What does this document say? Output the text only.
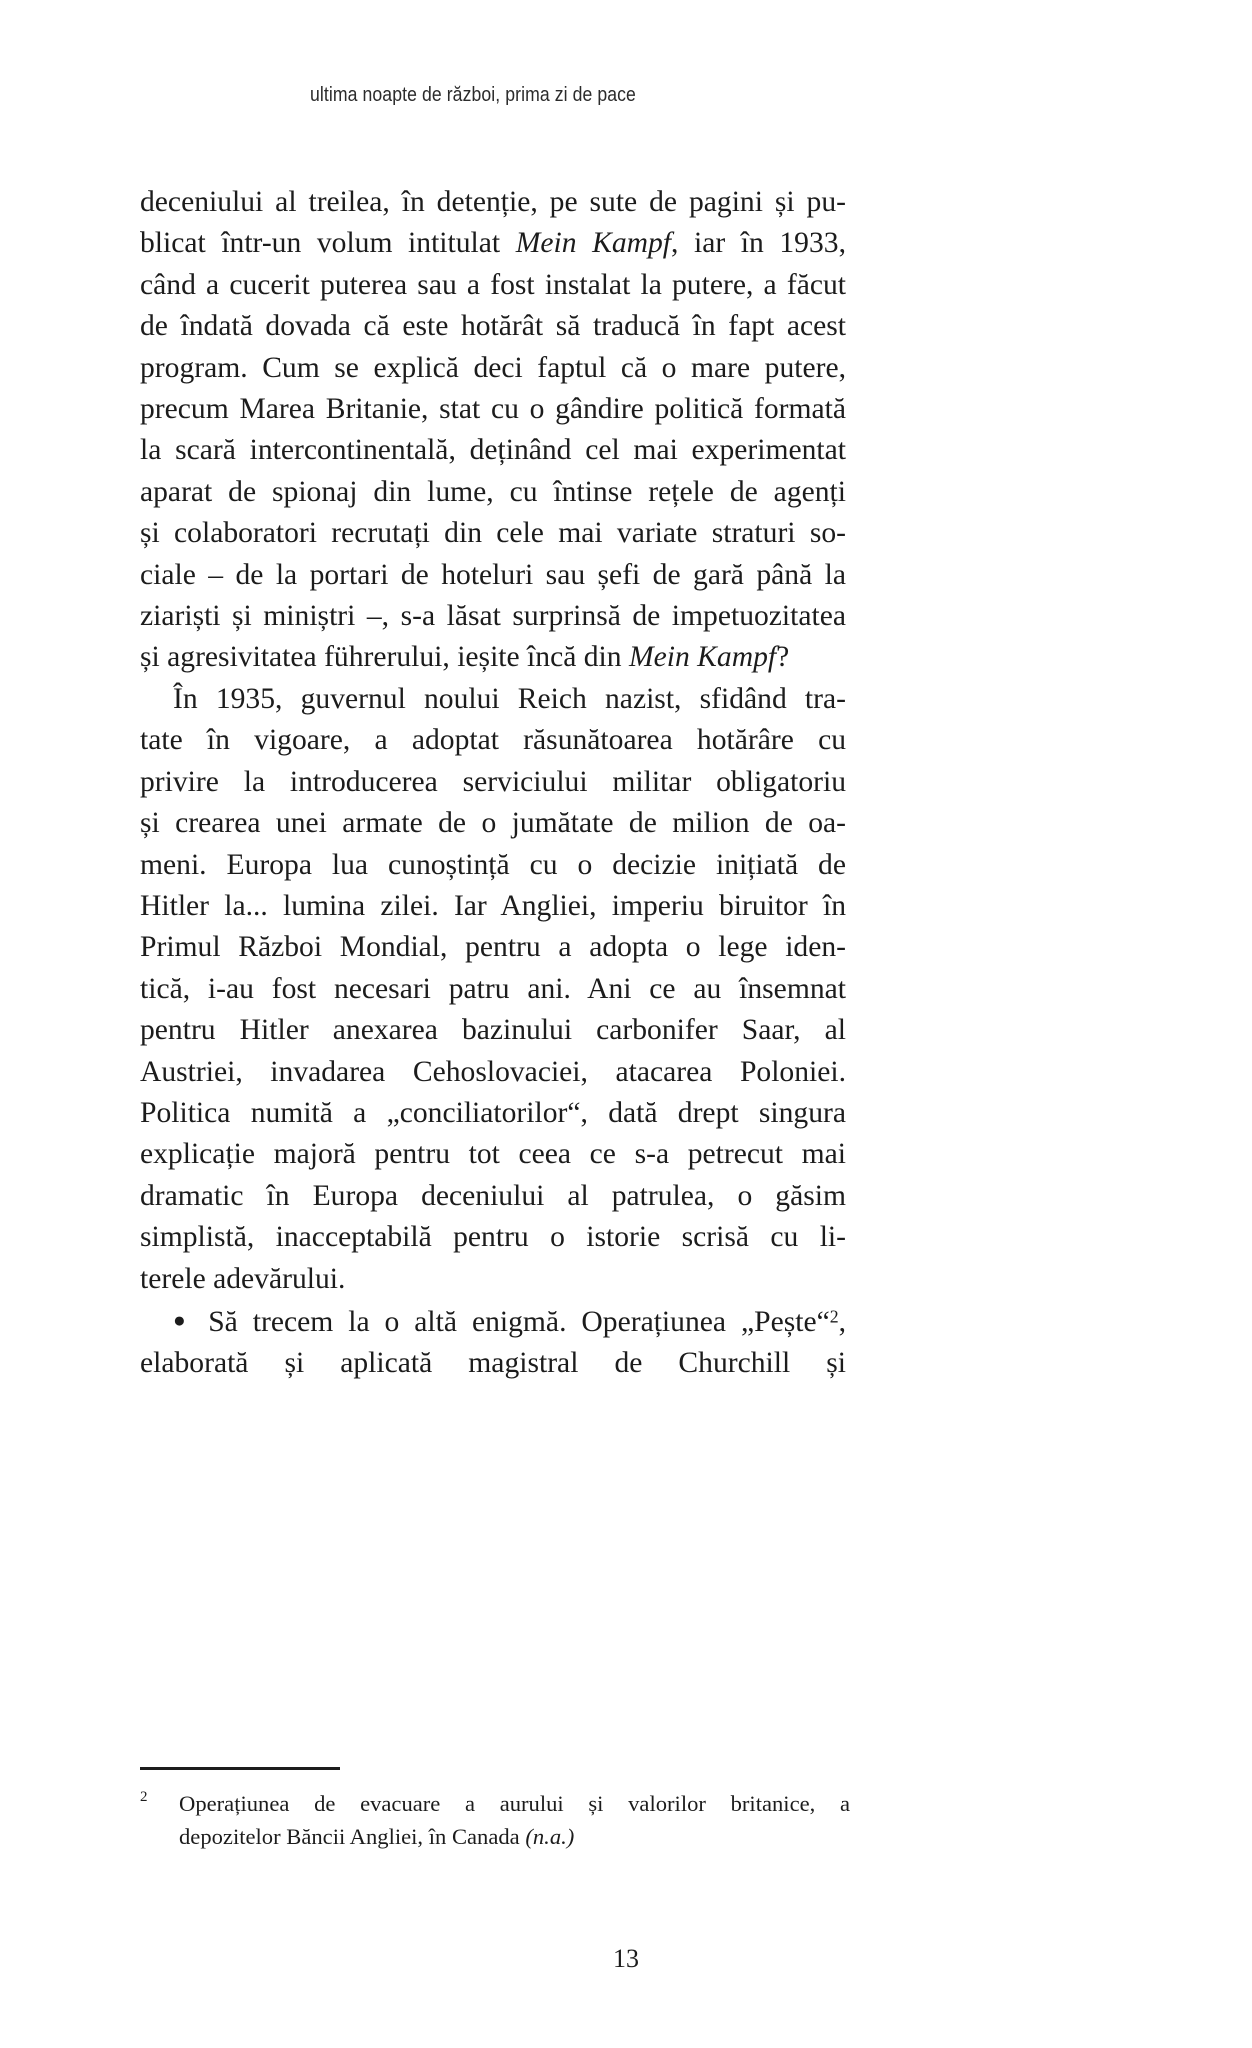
ultima noapte de război, prima zi de pace

deceniului al treilea, în detenție, pe sute de pagini și pu-
blicat într-un volum intitulat Mein Kampf, iar în 1933,
când a cucerit puterea sau a fost instalat la putere, a făcut
de îndată dovada că este hotărât să traducă în fapt acest
program. Cum se explică deci faptul că o mare putere,
precum Marea Britanie, stat cu o gândire politică formată
la scară intercontinentală, deținând cel mai experimentat
aparat de spionaj din lume, cu întinse rețele de agenți
și colaboratori recrutați din cele mai variate straturi so-
ciale – de la portari de hoteluri sau șefi de gară până la
ziariști și miniștri –, s-a lăsat surprinsă de impetuozitatea
și agresivitatea führerului, ieșite încă din Mein Kampf?

În 1935, guvernul noului Reich nazist, sfidând tra-
tate în vigoare, a adoptat răsunătoarea hotărâre cu
privire la introducerea serviciului militar obligatoriu
și crearea unei armate de o jumătate de milion de oa-
meni. Europa lua cunoștință cu o decizie inițiată de
Hitler la... lumina zilei. Iar Angliei, imperiu biruitor în
Primul Război Mondial, pentru a adopta o lege iden-
tică, i-au fost necesari patru ani. Ani ce au însemnat
pentru Hitler anexarea bazinului carbonifer Saar, al
Austriei, invadarea Cehoslovaciei, atacarea Poloniei.

Politica numită a „conciliatorilor“, dată drept singura
explicație majoră pentru tot ceea ce s-a petrecut mai
dramatic în Europa deceniului al patrulea, o găsim
simplistă, inacceptabilă pentru o istorie scrisă cu li-
terele adevărului.

● Să trecem la o altă enigmă. Operațiunea „Pește“$^2$,
elaborată și aplicată magistral de Churchill și

2 Operațiunea de evacuare a aurului și valorilor britanice, a
depozitelor Băncii Angliei, în Canada (n.a.)
13
